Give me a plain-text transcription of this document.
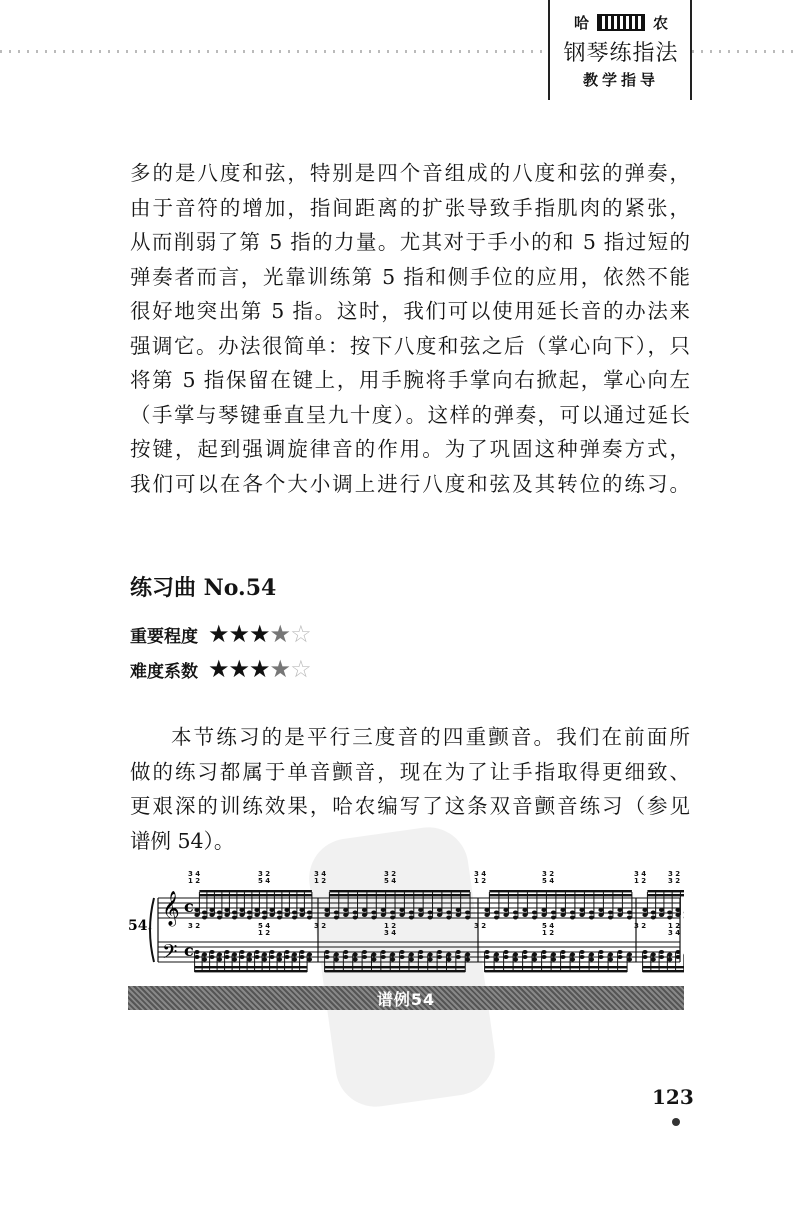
哈	农
钢琴练指法
教学指导
多的是八度和弦，特别是四个音组成的八度和弦的弹奏，
由于音符的增加，指间距离的扩张导致手指肌肉的紧张，
从而削弱了第 5 指的力量。尤其对于手小的和 5 指过短的
弹奏者而言，光靠训练第 5 指和侧手位的应用，依然不能
很好地突出第 5 指。这时，我们可以使用延长音的办法来
强调它。办法很简单：按下八度和弦之后（掌心向下），只
将第 5 指保留在键上，用手腕将手掌向右掀起，掌心向左
（手掌与琴键垂直呈九十度）。这样的弹奏，可以通过延长
按键，起到强调旋律音的作用。为了巩固这种弹奏方式，
我们可以在各个大小调上进行八度和弦及其转位的练习。
练习曲 No.54
重要程度 ★★★★☆
难度系数 ★★★★☆
本节练习的是平行三度音的四重颤音。我们在前面所
做的练习都属于单音颤音，现在为了让手指取得更细致、
更艰深的训练效果，哈农编写了这条双音颤音练习（参见
谱例 54）。
54. 𝄞
𝄢
c
c
3 4
1 2
3 2
5 4
3 4
1 2
3 2
5 4
3 4
1 2
3 2
5 4
3 4
1 2
3 2
3 2
3 2	5 4
1 2
3 2	1 2
3 4
3 2	5 4
1 2
3 2	1 2
3 4
谱例54
123
